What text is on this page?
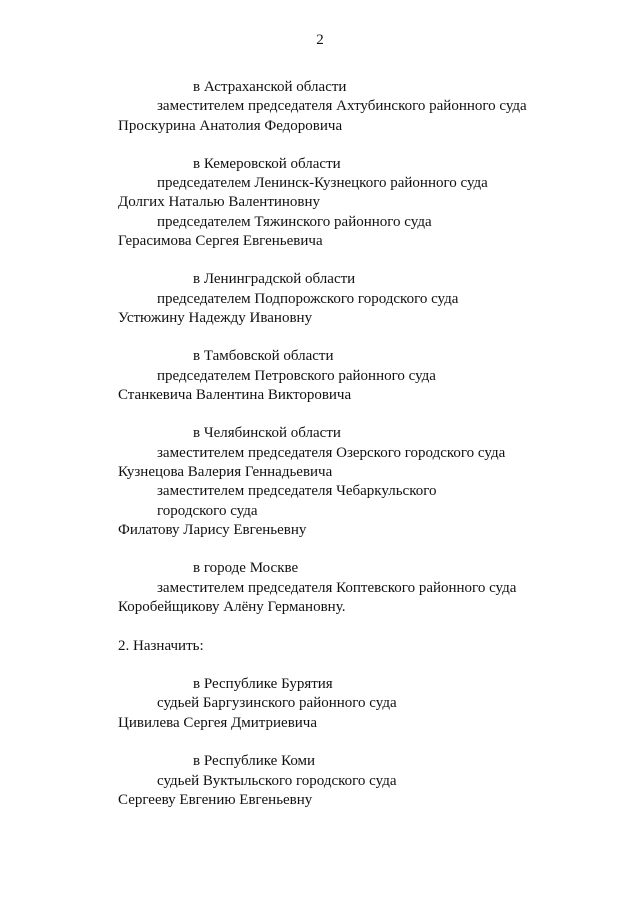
2
в Астраханской области
заместителем председателя Ахтубинского районного суда
Проскурина Анатолия Федоровича
в Кемеровской области
председателем Ленинск-Кузнецкого районного суда
Долгих Наталью Валентиновну
председателем Тяжинского районного суда
Герасимова Сергея Евгеньевича
в Ленинградской области
председателем Подпорожского городского суда
Устюжину Надежду Ивановну
в Тамбовской области
председателем Петровского районного суда
Станкевича Валентина Викторовича
в Челябинской области
заместителем председателя Озерского городского суда
Кузнецова Валерия Геннадьевича
заместителем председателя Чебаркульского
городского суда
Филатову Ларису Евгеньевну
в городе Москве
заместителем председателя Коптевского районного суда
Коробейщикову Алёну Германовну.
2. Назначить:
в Республике Бурятия
судьей Баргузинского районного суда
Цивилева Сергея Дмитриевича
в Республике Коми
судьей Вуктыльского городского суда
Сергееву Евгению Евгеньевну
